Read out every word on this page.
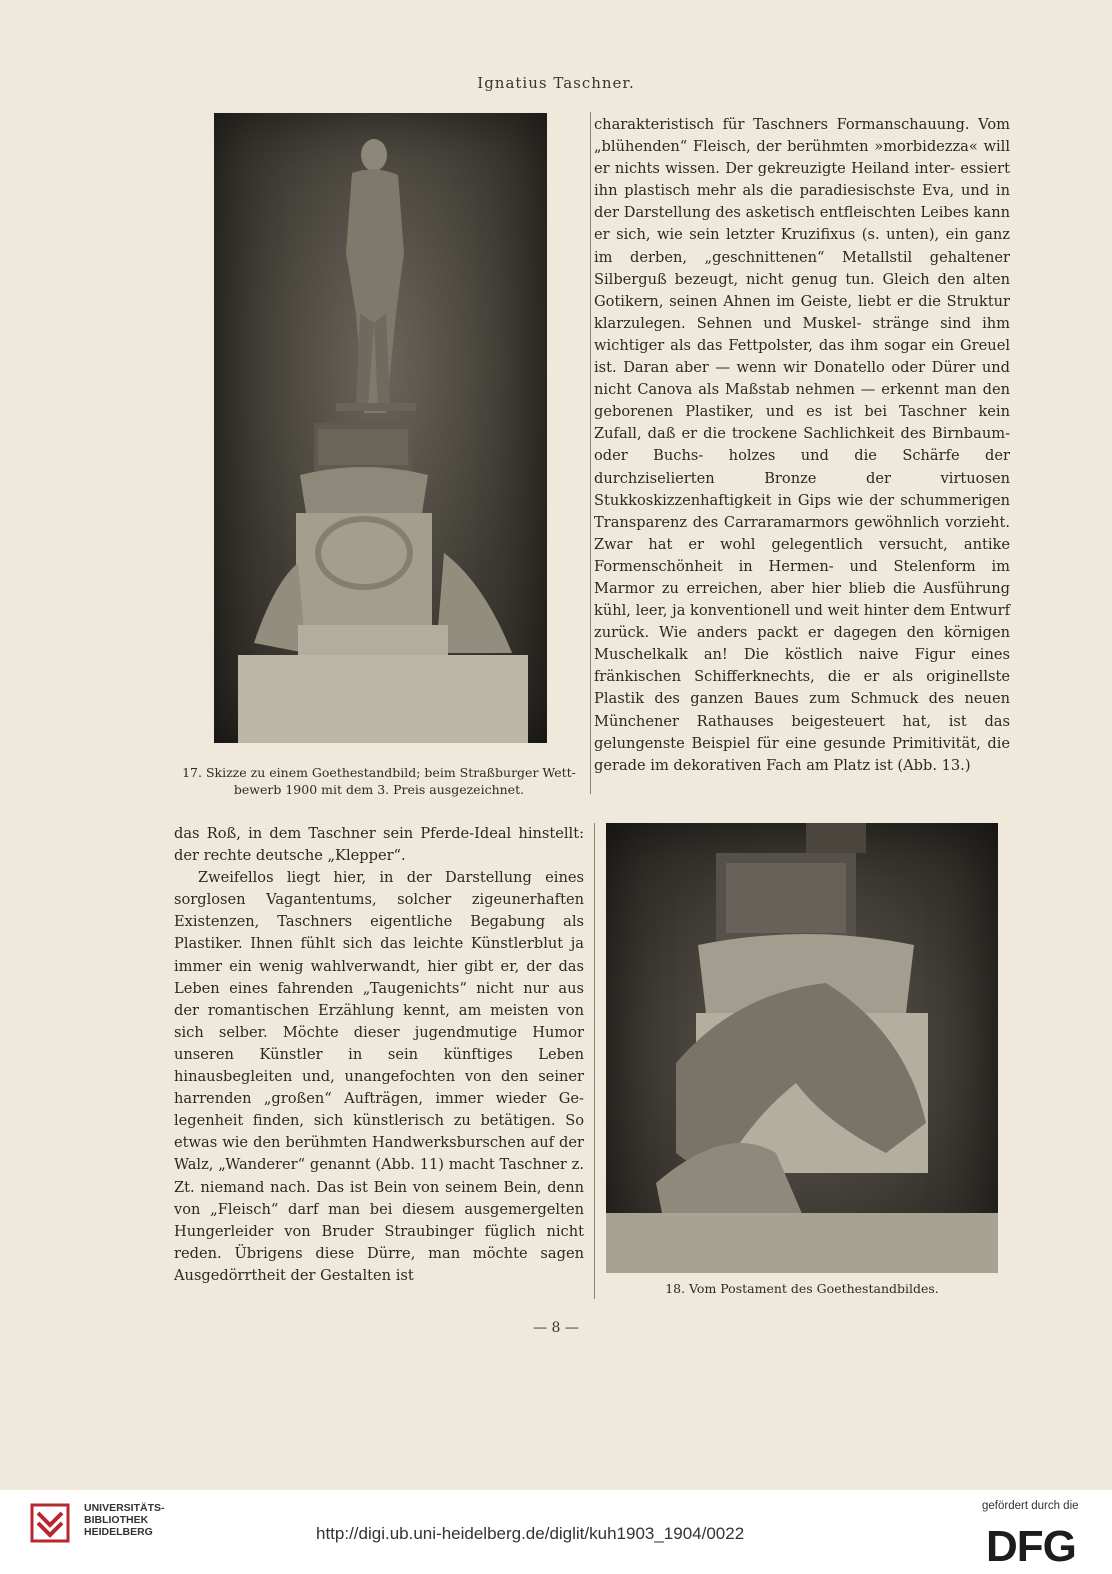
Ignatius Taschner.
17. Skizze zu einem Goethestandbild; beim Straßburger Wett-
bewerb 1900 mit dem 3. Preis ausgezeichnet.

charakteristisch für Taschners Formanschauung. Vom „blühenden“ Fleisch, der berühmten »morbidezza« will er nichts wissen. Der gekreuzigte Heiland inter- essiert ihn plastisch mehr als die paradiesischste Eva, und in der Darstellung des asketisch entfleischten Leibes kann er sich, wie sein letzter Kruzifixus (s. unten), ein ganz im derben, „geschnittenen“ Metallstil gehaltener Silberguß bezeugt, nicht genug tun. Gleich den alten Gotikern, seinen Ahnen im Geiste, liebt er die Struktur klarzulegen. Sehnen und Muskel- stränge sind ihm wichtiger als das Fettpolster, das ihm sogar ein Greuel ist. Daran aber — wenn wir Donatello oder Dürer und nicht Canova als Maßstab nehmen — erkennt man den geborenen Plastiker, und es ist bei Taschner kein Zufall, daß er die trockene Sachlichkeit des Birnbaum- oder Buchs- holzes und die Schärfe der durchziselierten Bronze der virtuosen Stukkoskizzenhaftigkeit in Gips wie der schummerigen Transparenz des Carraramarmors gewöhnlich vorzieht. Zwar hat er wohl gelegentlich versucht, antike Formenschönheit in Hermen- und Stelenform im Marmor zu erreichen, aber hier blieb die Ausführung kühl, leer, ja konventionell und weit hinter dem Entwurf zurück. Wie anders packt er dagegen den körnigen Muschelkalk an! Die köstlich naive Figur eines fränkischen Schifferknechts, die er als originellste Plastik des ganzen Baues zum Schmuck des neuen Münchener Rathauses beigesteuert hat, ist das gelungenste Beispiel für eine gesunde Primitivität, die gerade im dekorativen Fach am Platz ist (Abb. 13.)

18. Vom Postament des Goethestandbildes.

das Roß, in dem Taschner sein Pferde-Ideal hinstellt: der rechte deutsche „Klepper“.

Zweifellos liegt hier, in der Darstellung eines sorglosen Vagantentums, solcher zigeunerhaften Existenzen, Taschners eigentliche Begabung als Plastiker. Ihnen fühlt sich das leichte Künstlerblut ja immer ein wenig wahlverwandt, hier gibt er, der das Leben eines fahrenden „Taugenichts“ nicht nur aus der romantischen Erzählung kennt, am meisten von sich selber. Möchte dieser jugendmutige Humor unseren Künstler in sein künftiges Leben hinausbegleiten und, unangefochten von den seiner harrenden „großen“ Aufträgen, immer wieder Ge- legenheit finden, sich künstlerisch zu betätigen. So etwas wie den berühmten Handwerksburschen auf der Walz, „Wanderer“ genannt (Abb. 11) macht Taschner z. Zt. niemand nach. Das ist Bein von seinem Bein, denn von „Fleisch“ darf man bei diesem ausgemergelten Hungerleider von Bruder Straubinger füglich nicht reden. Übrigens diese Dürre, man möchte sagen Ausgedörrtheit der Gestalten ist

— 8 —
UNIVERSITÄTS-
BIBLIOTHEK
HEIDELBERG	http://digi.ub.uni-heidelberg.de/diglit/kuh1903_1904/0022
gefördert durch die
DFG
